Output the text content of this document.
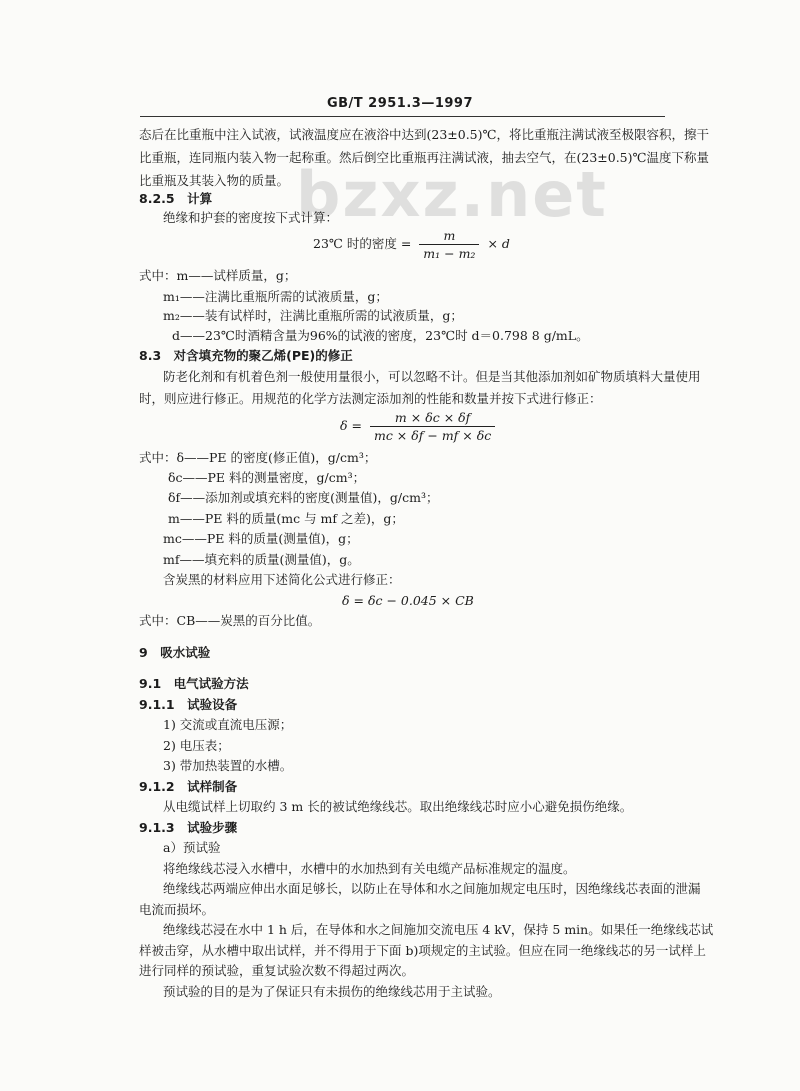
GB/T 2951.3—1997
bzxz.net
态后在比重瓶中注入试液，试液温度应在液浴中达到(23±0.5)℃，将比重瓶注满试液至极限容积，擦干
比重瓶，连同瓶内装入物一起称重。然后倒空比重瓶再注满试液，抽去空气，在(23±0.5)℃温度下称量
比重瓶及其装入物的质量。
8.2.5　计算
绝缘和护套的密度按下式计算：
23℃ 时的密度 = $\frac{m}{\text{m₁ − m₂}} \times d$
式中：m——试样质量，g；
m₁——注满比重瓶所需的试液质量，g；
m₂——装有试样时，注满比重瓶所需的试液质量，g；
d——23℃时酒精含量为96%的试液的密度，23℃时 d＝0.798 8 g/mL。
8.3　对含填充物的聚乙烯(PE)的修正
防老化剂和有机着色剂一般使用量很小，可以忽略不计。但是当其他添加剂如矿物质填料大量使用
时，则应进行修正。用规范的化学方法测定添加剂的性能和数量并按下式进行修正：
$\delta = \frac{m \times \delta c \times \delta f}{mc \times \delta f - mf \times \delta c}$
式中：δ——PE 的密度(修正值)，g/cm³；
δc——PE 料的测量密度，g/cm³；
δf——添加剂或填充料的密度(测量值)，g/cm³；
m——PE 料的质量(mc 与 mf 之差)，g；
mc——PE 料的质量(测量值)，g；
mf——填充料的质量(测量值)，g。
含炭黑的材料应用下述简化公式进行修正：
δ = δc − 0.045 × CB
式中：CB——炭黑的百分比值。
9　吸水试验
9.1　电气试验方法
9.1.1　试验设备
1) 交流或直流电压源；
2) 电压表；
3) 带加热装置的水槽。
9.1.2　试样制备
从电缆试样上切取约 3 m 长的被试绝缘线芯。取出绝缘线芯时应小心避免损伤绝缘。
9.1.3　试验步骤
a）预试验
将绝缘线芯浸入水槽中，水槽中的水加热到有关电缆产品标准规定的温度。
绝缘线芯两端应伸出水面足够长，以防止在导体和水之间施加规定电压时，因绝缘线芯表面的泄漏
电流而损坏。
绝缘线芯浸在水中 1 h 后，在导体和水之间施加交流电压 4 kV，保持 5 min。如果任一绝缘线芯试
样被击穿，从水槽中取出试样，并不得用于下面 b)项规定的主试验。但应在同一绝缘线芯的另一试样上
进行同样的预试验，重复试验次数不得超过两次。
预试验的目的是为了保证只有未损伤的绝缘线芯用于主试验。
